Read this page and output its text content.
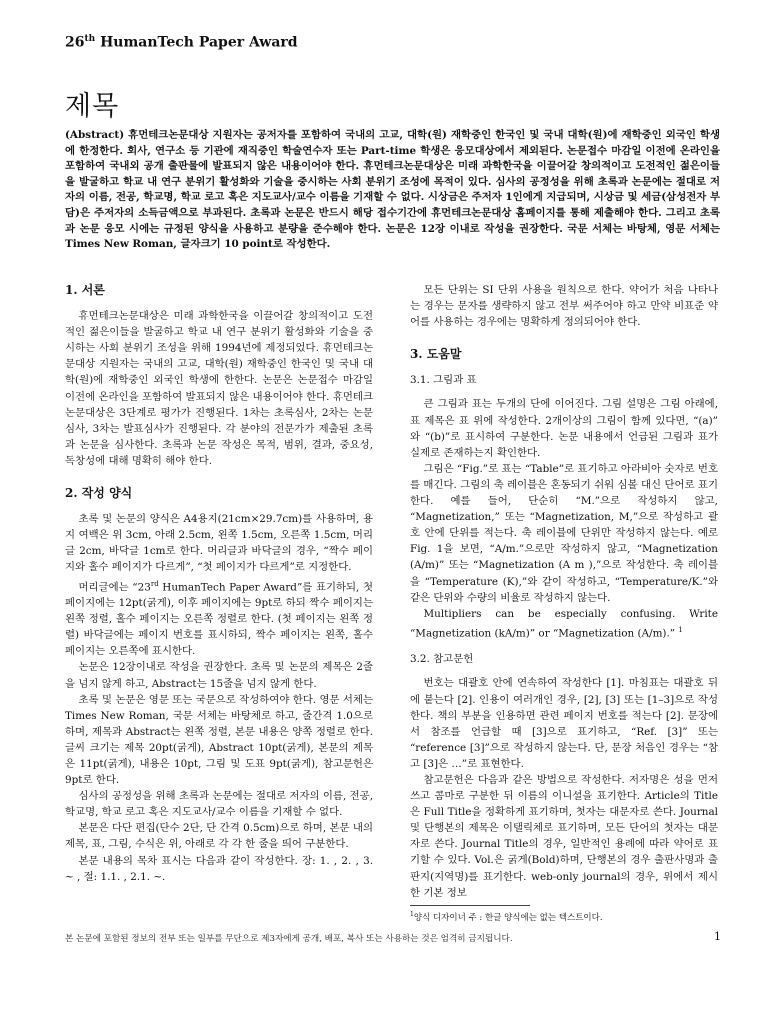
26th HumanTech Paper Award
제목
(Abstract) 휴먼테크논문대상 지원자는 공저자를 포함하여 국내의 고교, 대학(원) 재학중인 한국인 및 국내 대학(원)에 재학중인 외국인 학생에 한정한다. 회사, 연구소 등 기관에 재직중인 학술연수자 또는 Part-time 학생은 응모대상에서 제외된다. 논문접수 마감일 이전에 온라인을 포함하여 국내외 공개 출판물에 발표되지 않은 내용이어야 한다. 휴먼테크논문대상은 미래 과학한국을 이끌어갈 창의적이고 도전적인 젊은이들을 발굴하고 학교 내 연구 분위기 활성화와 기술을 중시하는 사회 분위기 조성에 목적이 있다. 심사의 공정성을 위해 초록과 논문에는 절대로 저자의 이름, 전공, 학교명, 학교 로고 혹은 지도교사/교수 이름을 기재할 수 없다. 시상금은 주저자 1인에게 지급되며, 시상금 및 세금(삼성전자 부담)은 주저자의 소득금액으로 부과된다. 초록과 논문은 반드시 해당 접수기간에 휴먼테크논문대상 홈페이지를 통해 제출해야 한다. 그리고 초록과 논문 응모 시에는 규정된 양식을 사용하고 분량을 준수해야 한다. 논문은 12장 이내로 작성을 권장한다. 국문 서체는 바탕체, 영문 서체는 Times New Roman, 글자크기 10 point로 작성한다.
1. 서론

휴먼테크논문대상은 미래 과학한국을 이끌어갈 창의적이고 도전적인 젊은이들을 발굴하고 학교 내 연구 분위기 활성화와 기술을 중시하는 사회 분위기 조성을 위해 1994년에 제정되었다. 휴먼테크논문대상 지원자는 국내의 고교, 대학(원) 재학중인 한국인 및 국내 대학(원)에 재학중인 외국인 학생에 한한다. 논문은 논문접수 마감일 이전에 온라인을 포함하여 발표되지 않은 내용이어야 한다. 휴먼테크논문대상은 3단계로 평가가 진행된다. 1차는 초록심사, 2차는 논문심사, 3차는 발표심사가 진행된다. 각 분야의 전문가가 제출된 초록과 논문을 심사한다. 초록과 논문 작성은 목적, 범위, 결과, 중요성, 독창성에 대해 명확히 해야 한다.

2. 작성 양식

초록 및 논문의 양식은 A4용지(21cm×29.7cm)를 사용하며, 용지 여백은 위 3cm, 아래 2.5cm, 왼쪽 1.5cm, 오른쪽 1.5cm, 머리글 2cm, 바닥글 1cm로 한다. 머리글과 바닥글의 경우, “짝수 페이지와 홀수 페이지가 다르게”, “첫 페이지가 다르게”로 지정한다.

머리글에는 “23rd HumanTech Paper Award”를 표기하되, 첫 페이지에는 12pt(굵게), 이후 페이지에는 9pt로 하되 짝수 페이지는 왼쪽 정렬, 홀수 페이지는 오른쪽 정렬로 한다. (첫 페이지는 왼쪽 정렬) 바닥글에는 페이지 번호를 표시하되, 짝수 페이지는 왼쪽, 홀수 페이지는 오른쪽에 표시한다.

논문은 12장이내로 작성을 권장한다. 초록 및 논문의 제목은 2줄을 넘지 않게 하고, Abstract는 15줄을 넘지 않게 한다.

초록 및 논문은 영문 또는 국문으로 작성하여야 한다. 영문 서체는 Times New Roman, 국문 서체는 바탕체로 하고, 줄간격 1.0으로 하며, 제목과 Abstract는 왼쪽 정렬, 본문 내용은 양쪽 정렬로 한다. 글씨 크기는 제목 20pt(굵게), Abstract 10pt(굵게), 본문의 제목은 11pt(굵게), 내용은 10pt, 그림 및 도표 9pt(굵게), 참고문헌은 9pt로 한다.

심사의 공정성을 위해 초록과 논문에는 절대로 저자의 이름, 전공, 학교명, 학교 로고 혹은 지도교사/교수 이름을 기재할 수 없다.

본문은 다단 편집(단수 2단, 단 간격 0.5cm)으로 하며, 본문 내의 제목, 표, 그림, 수식은 위, 아래로 각 각 한 줄을 띄어 구분한다.

본문 내용의 목차 표시는 다음과 같이 작성한다. 장: 1. , 2. , 3. ~ , 절: 1.1. , 2.1. ~.

모든 단위는 SI 단위 사용을 원칙으로 한다. 약어가 처음 나타나는 경우는 문자를 생략하지 않고 전부 써주어야 하고 만약 비표준 약어를 사용하는 경우에는 명확하게 정의되어야 한다.

3. 도움말
3.1. 그림과 표

큰 그림과 표는 두개의 단에 이어진다. 그림 설명은 그림 아래에, 표 제목은 표 위에 작성한다. 2개이상의 그림이 함께 있다면, “(a)” 와 “(b)”로 표시하여 구분한다. 논문 내용에서 언급된 그림과 표가 실제로 존재하는지 확인한다.

그림은 “Fig.”로 표는 “Table”로 표기하고 아라비아 숫자로 번호를 매긴다. 그림의 축 레이블은 혼동되기 쉬워 심볼 대신 단어로 표기한다. 예를 들어, 단순히 “M.”으로 작성하지 않고, “Magnetization,” 또는 “Magnetization, M,”으로 작성하고 괄호 안에 단위를 적는다. 축 레이블에 단위만 작성하지 않는다. 예로 Fig. 1을 보면, “A/m.”으로만 작성하지 않고, “Magnetization (A/m)” 또는 “Magnetization (A m ),”으로 작성한다. 축 레이블을 “Temperature (K),”와 같이 작성하고, “Temperature/K.”와 같은 단위와 수량의 비율로 작성하지 않는다.

Multipliers can be especially confusing. Write “Magnetization (kA/m)” or “Magnetization (A/m).” $^1$

3.2. 참고문헌

번호는 대괄호 안에 연속하여 작성한다 [1]. 마침표는 대괄호 뒤에 붙는다 [2]. 인용이 여러개인 경우, [2], [3] 또는 [1–3]으로 작성한다. 책의 부분을 인용하면 관련 페이지 번호를 적는다 [2]. 문장에서 참조를 언급할 때 [3]으로 표기하고, “Ref. [3]” 또는 “reference [3]”으로 작성하지 않는다. 단, 문장 처음인 경우는 “참고 [3]은 …”로 표현한다.

참고문헌은 다음과 같은 방법으로 작성한다. 저자명은 성을 먼저 쓰고 콤마로 구분한 뒤 이름의 이니셜을 표기한다. Article의 Title은 Full Title을 정확하게 표기하며, 첫자는 대문자로 쓴다. Journal 및 단행본의 제목은 이탤릭체로 표기하며, 모든 단어의 첫자는 대문자로 쓴다. Journal Title의 경우, 일반적인 용례에 따라 약어로 표기할 수 있다. Vol.은 굵게(Bold)하며, 단행본의 경우 출판사명과 출판지(지역명)를 표기한다. web-only journal의 경우, 위에서 제시한 기본 정보

$^1$양식 디자이너 주 : 한글 양식에는 없는 텍스트이다.

본 논문에 포함된 정보의 전부 또는 일부를 무단으로 제3자에게 공개, 배포, 복사 또는 사용하는 것은 엄격히 금지됩니다.	1
